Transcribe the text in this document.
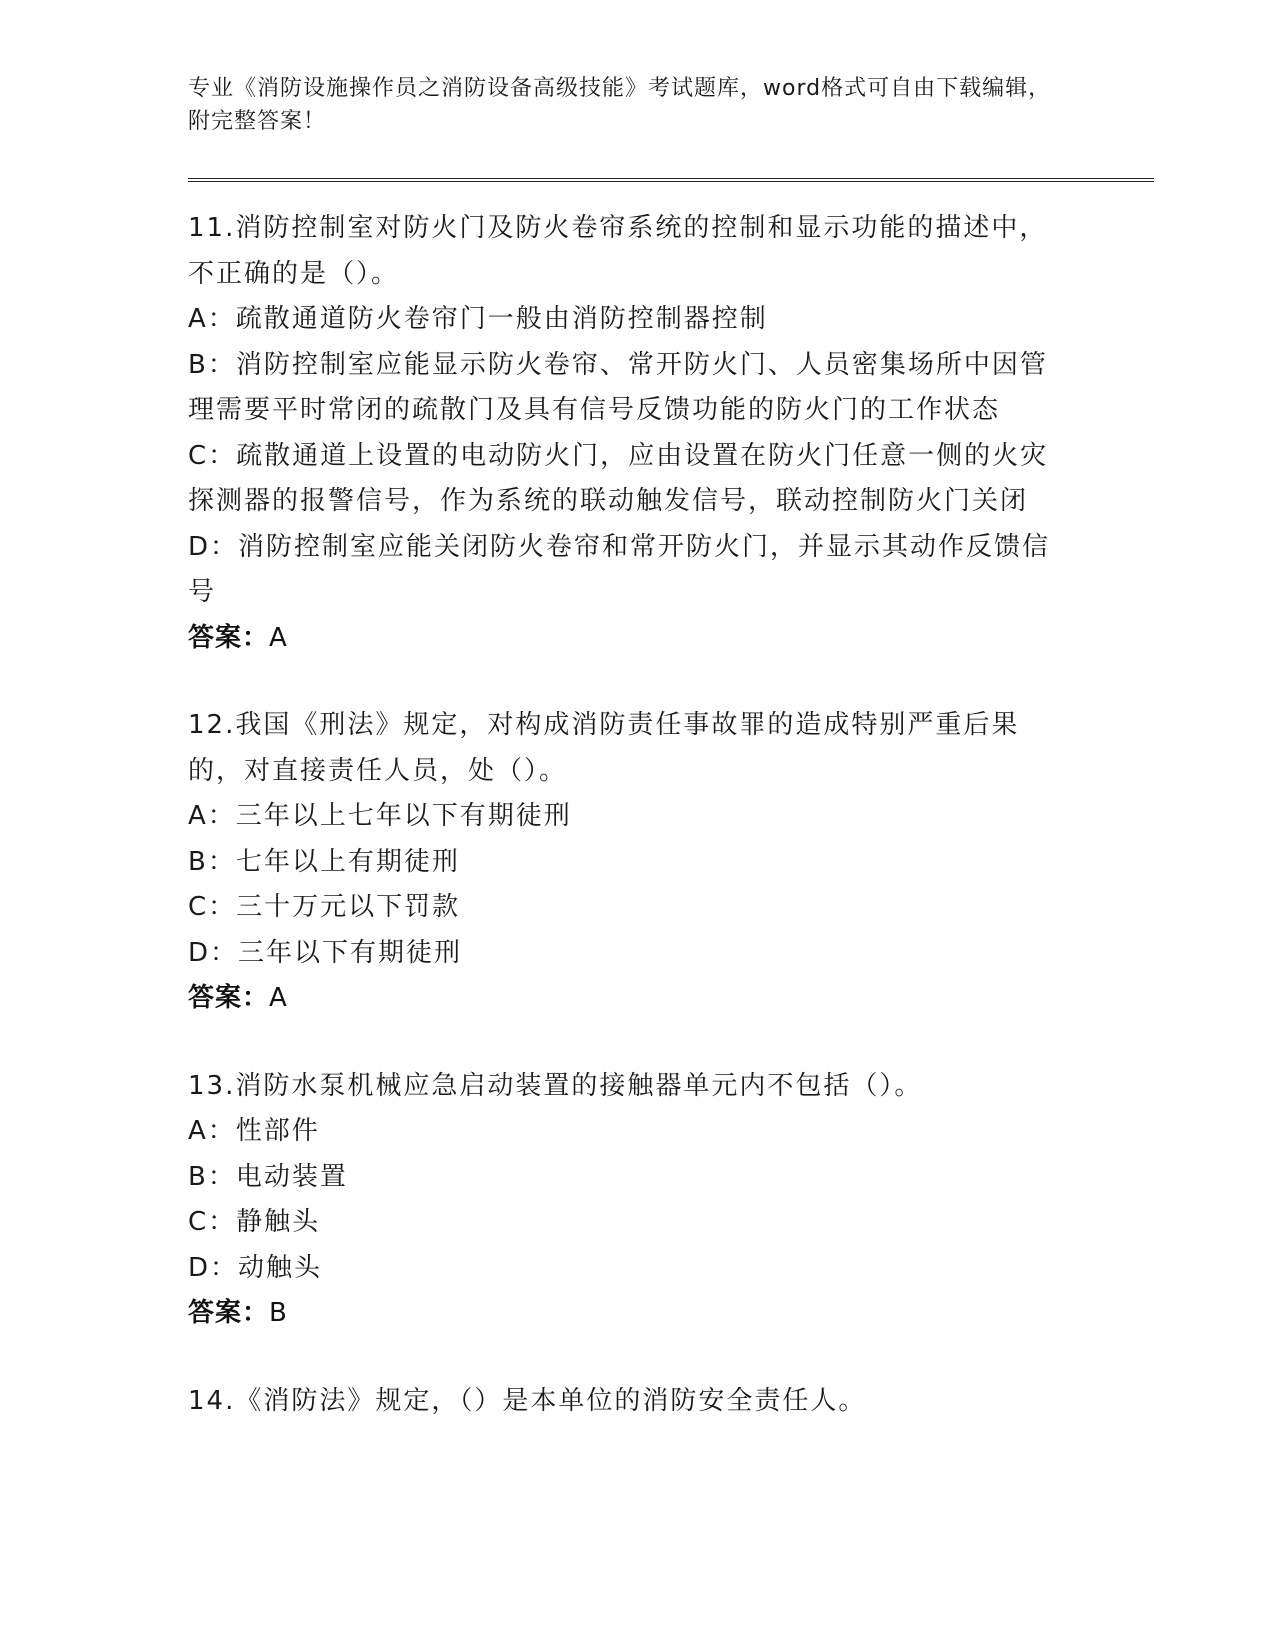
专业《消防设施操作员之消防设备高级技能》考试题库，word格式可自由下载编辑，附完整答案！
11.消防控制室对防火门及防火卷帘系统的控制和显示功能的描述中，不正确的是（）。
A：疏散通道防火卷帘门一般由消防控制器控制
B：消防控制室应能显示防火卷帘、常开防火门、人员密集场所中因管理需要平时常闭的疏散门及具有信号反馈功能的防火门的工作状态
C：疏散通道上设置的电动防火门，应由设置在防火门任意一侧的火灾探测器的报警信号，作为系统的联动触发信号，联动控制防火门关闭
D：消防控制室应能关闭防火卷帘和常开防火门，并显示其动作反馈信号
答案：A
12.我国《刑法》规定，对构成消防责任事故罪的造成特别严重后果的，对直接责任人员，处（）。
A：三年以上七年以下有期徒刑
B：七年以上有期徒刑
C：三十万元以下罚款
D：三年以下有期徒刑
答案：A
13.消防水泵机械应急启动装置的接触器单元内不包括（）。
A：性部件
B：电动装置
C：静触头
D：动触头
答案：B
14.《消防法》规定，（）是本单位的消防安全责任人。
